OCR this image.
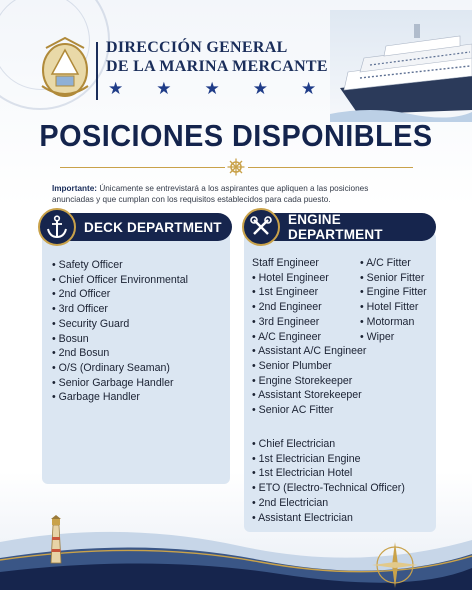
DIRECCIÓN GENERAL
DE LA MARINA MERCANTE
★ ★ ★ ★ ★
POSICIONES DISPONIBLES
Importante: Únicamente se entrevistará a los aspirantes que apliquen a las posiciones anunciadas y que cumplan con los requisitos establecidos para cada puesto.
DECK DEPARTMENT
• Safety Officer
• Chief Officer Environmental
• 2nd Officer
• 3rd Officer
• Security Guard
• Bosun
• 2nd Bosun
• O/S (Ordinary Seaman)
• Senior Garbage Handler
• Garbage Handler
ENGINE DEPARTMENT
Staff Engineer
• Hotel Engineer
• 1st Engineer
• 2nd Engineer
• 3rd Engineer
• A/C Engineer
• Assistant A/C Engineer
• Senior Plumber
• Engine Storekeeper
• Assistant Storekeeper
• Senior AC Fitter
• A/C Fitter
• Senior Fitter
• Engine Fitter
• Hotel Fitter
• Motorman
• Wiper
• Chief Electrician
• 1st Electrician Engine
• 1st Electrician Hotel
• ETO (Electro-Technical Officer)
• 2nd Electrician
• Assistant Electrician
